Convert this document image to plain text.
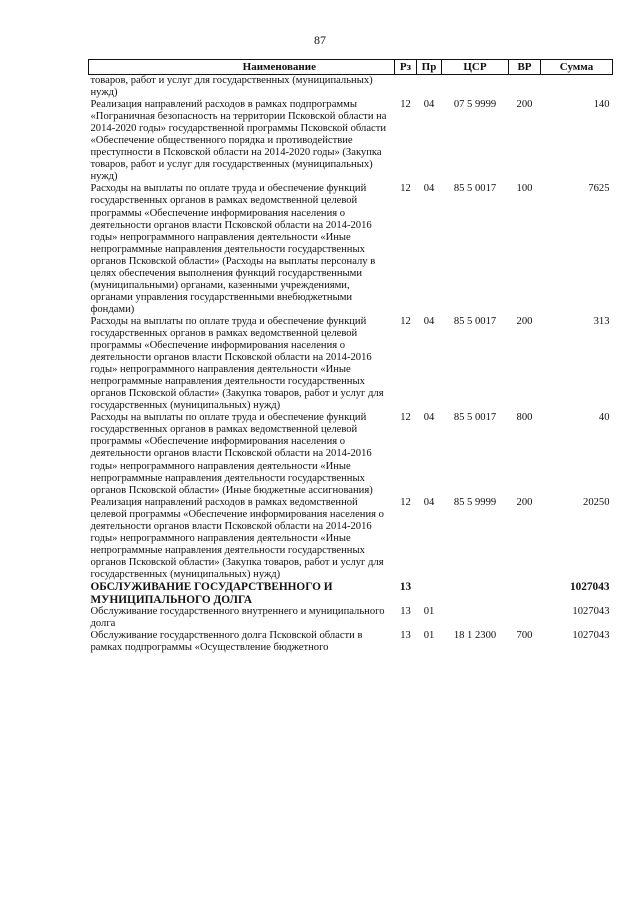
87
Наименование	Рз	Пр	ЦСР	ВР	Сумма
товаров, работ и услуг для государственных (муниципальных) нужд)					
Реализация направлений расходов в рамках подпрограммы «Пограничная безопасность на территории Псковской области на 2014-2020 годы» государственной программы Псковской области «Обеспечение общественного порядка и противодействие преступности в Псковской области на 2014-2020 годы» (Закупка товаров, работ и услуг для государственных (муниципальных) нужд)	12	04	07 5 9999	200	140
Расходы на выплаты по оплате труда и обеспечение функций государственных органов в рамках ведомственной целевой программы «Обеспечение информирования населения о деятельности органов власти Псковской области на 2014-2016 годы» непрограммного направления деятельности «Иные непрограммные направления деятельности государственных органов Псковской области» (Расходы на выплаты персоналу в целях обеспечения выполнения функций государственными (муниципальными) органами, казенными учреждениями, органами управления государственными внебюджетными фондами)	12	04	85 5 0017	100	7625
Расходы на выплаты по оплате труда и обеспечение функций государственных органов в рамках ведомственной целевой программы «Обеспечение информирования населения о деятельности органов власти Псковской области на 2014-2016 годы» непрограммного направления деятельности «Иные непрограммные направления деятельности государственных органов Псковской области» (Закупка товаров, работ и услуг для государственных (муниципальных) нужд)	12	04	85 5 0017	200	313
Расходы на выплаты по оплате труда и обеспечение функций государственных органов в рамках ведомственной целевой программы «Обеспечение информирования населения о деятельности органов власти Псковской области на 2014-2016 годы» непрограммного направления деятельности «Иные непрограммные направления деятельности государственных органов Псковской области» (Иные бюджетные ассигнования)	12	04	85 5 0017	800	40
Реализация направлений расходов в рамках ведомственной целевой программы «Обеспечение информирования населения о деятельности органов власти Псковской области на 2014-2016 годы» непрограммного направления деятельности «Иные непрограммные направления деятельности государственных органов Псковской области» (Закупка товаров, работ и услуг для государственных (муниципальных) нужд)	12	04	85 5 9999	200	20250
ОБСЛУЖИВАНИЕ ГОСУДАРСТВЕННОГО И МУНИЦИПАЛЬНОГО ДОЛГА	13				1027043
Обслуживание государственного внутреннего и муниципального долга	13	01			1027043
Обслуживание государственного долга Псковской области в рамках подпрограммы «Осуществление бюджетного	13	01	18 1 2300	700	1027043
